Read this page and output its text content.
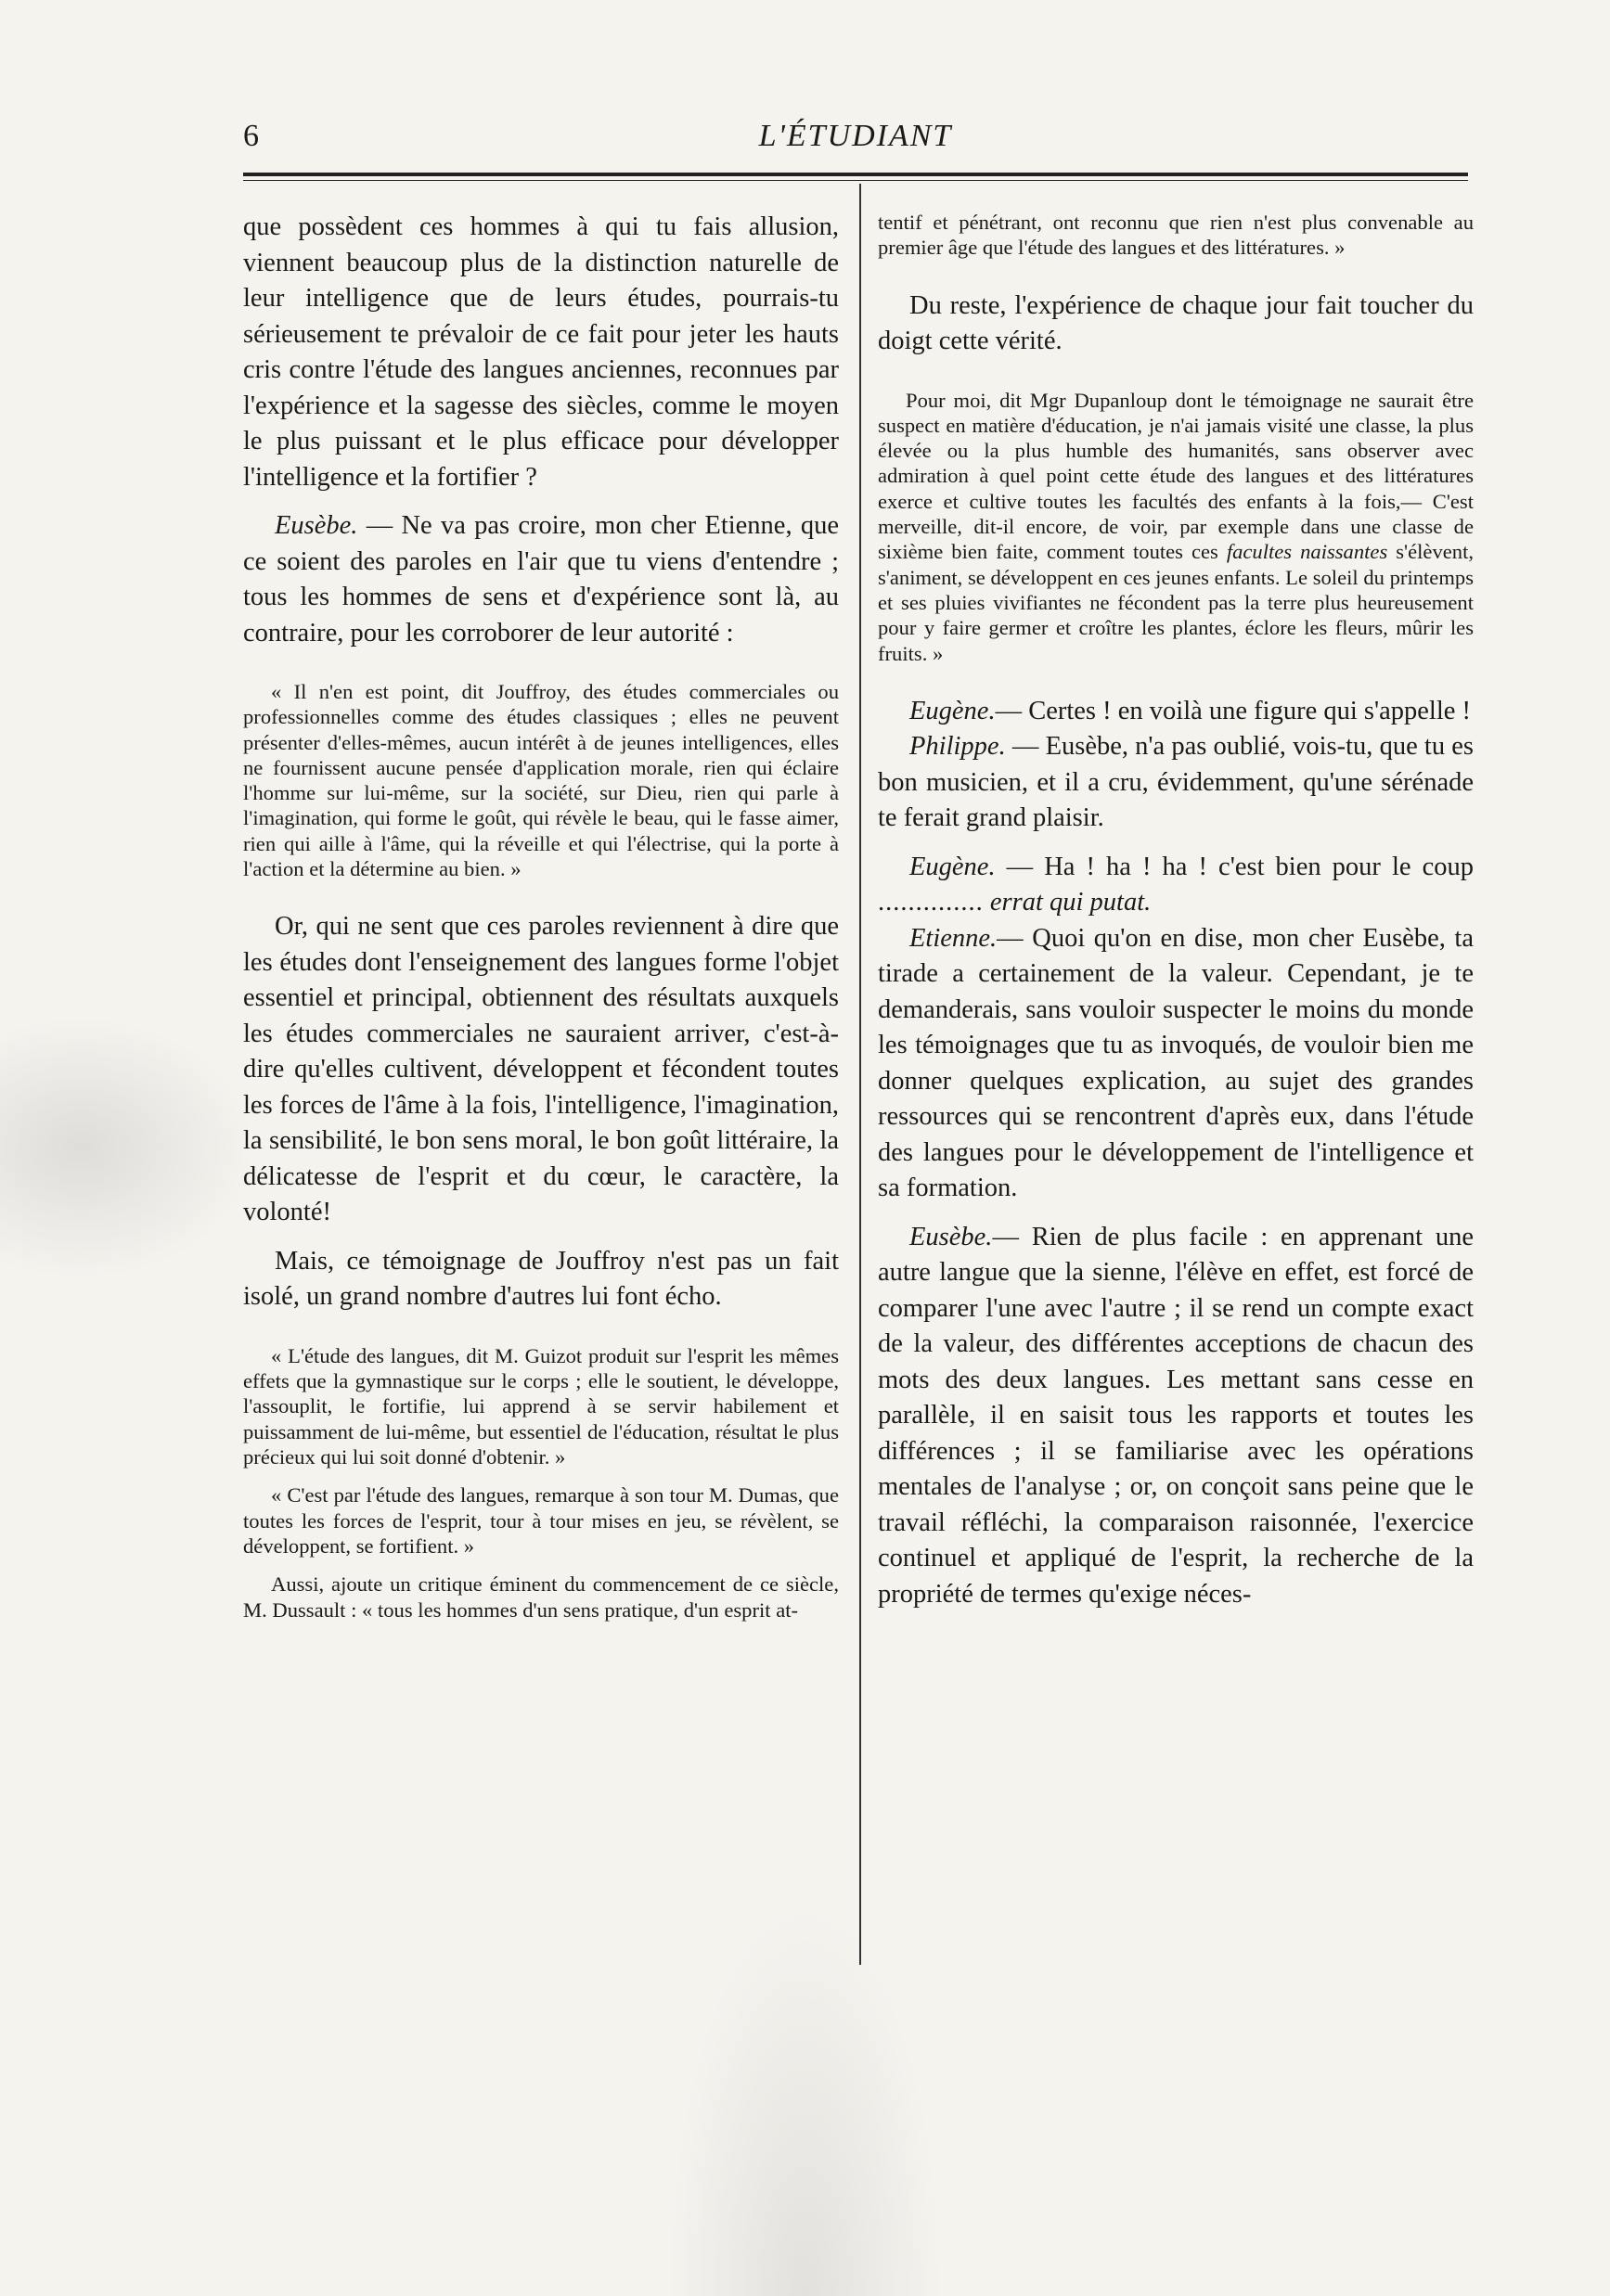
6	L'ÉTUDIANT

que possèdent ces hommes à qui tu fais allusion, viennent beaucoup plus de la distinction naturelle de leur intelligence que de leurs études, pourrais-tu sérieusement te prévaloir de ce fait pour jeter les hauts cris contre l'étude des langues anciennes, reconnues par l'expérience et la sagesse des siècles, comme le moyen le plus puissant et le plus efficace pour développer l'intelligence et la fortifier ?

Eusèbe. — Ne va pas croire, mon cher Etienne, que ce soient des paroles en l'air que tu viens d'entendre ; tous les hommes de sens et d'expérience sont là, au contraire, pour les corroborer de leur autorité :

« Il n'en est point, dit Jouffroy, des études commerciales ou professionnelles comme des études classiques ; elles ne peuvent présenter d'elles-mêmes, aucun intérêt à de jeunes intelligences, elles ne fournissent aucune pensée d'application morale, rien qui éclaire l'homme sur lui-même, sur la société, sur Dieu, rien qui parle à l'imagination, qui forme le goût, qui révèle le beau, qui le fasse aimer, rien qui aille à l'âme, qui la réveille et qui l'électrise, qui la porte à l'action et la détermine au bien. »

Or, qui ne sent que ces paroles reviennent à dire que les études dont l'enseignement des langues forme l'objet essentiel et principal, obtiennent des résultats auxquels les études commerciales ne sauraient arriver, c'est-à-dire qu'elles cultivent, développent et fécondent toutes les forces de l'âme à la fois, l'intelligence, l'imagination, la sensibilité, le bon sens moral, le bon goût littéraire, la délicatesse de l'esprit et du cœur, le caractère, la volonté!

Mais, ce témoignage de Jouffroy n'est pas un fait isolé, un grand nombre d'autres lui font écho.

« L'étude des langues, dit M. Guizot produit sur l'esprit les mêmes effets que la gymnastique sur le corps ; elle le soutient, le développe, l'assouplit, le fortifie, lui apprend à se servir habilement et puissamment de lui-même, but essentiel de l'éducation, résultat le plus précieux qui lui soit donné d'obtenir. »

« C'est par l'étude des langues, remarque à son tour M. Dumas, que toutes les forces de l'esprit, tour à tour mises en jeu, se révèlent, se développent, se fortifient. »

Aussi, ajoute un critique éminent du commencement de ce siècle, M. Dussault : « tous les hommes d'un sens pratique, d'un esprit at-

tentif et pénétrant, ont reconnu que rien n'est plus convenable au premier âge que l'étude des langues et des littératures. »

Du reste, l'expérience de chaque jour fait toucher du doigt cette vérité.

Pour moi, dit Mgr Dupanloup dont le témoignage ne saurait être suspect en matière d'éducation, je n'ai jamais visité une classe, la plus élevée ou la plus humble des humanités, sans observer avec admiration à quel point cette étude des langues et des littératures exerce et cultive toutes les facultés des enfants à la fois,— C'est merveille, dit-il encore, de voir, par exemple dans une classe de sixième bien faite, comment toutes ces facultes naissantes s'élèvent, s'animent, se développent en ces jeunes enfants. Le soleil du printemps et ses pluies vivifiantes ne fécondent pas la terre plus heureusement pour y faire germer et croître les plantes, éclore les fleurs, mûrir les fruits. »

Eugène.— Certes ! en voilà une figure qui s'appelle !

Philippe. — Eusèbe, n'a pas oublié, vois-tu, que tu es bon musicien, et il a cru, évidemment, qu'une sérénade te ferait grand plaisir.

Eugène. — Ha ! ha ! ha ! c'est bien pour le coup .............. errat qui putat.

Etienne.— Quoi qu'on en dise, mon cher Eusèbe, ta tirade a certainement de la valeur. Cependant, je te demanderais, sans vouloir suspecter le moins du monde les témoignages que tu as invoqués, de vouloir bien me donner quelques explication, au sujet des grandes ressources qui se rencontrent d'après eux, dans l'étude des langues pour le développement de l'intelligence et sa formation.

Eusèbe.— Rien de plus facile : en apprenant une autre langue que la sienne, l'élève en effet, est forcé de comparer l'une avec l'autre ; il se rend un compte exact de la valeur, des différentes acceptions de chacun des mots des deux langues. Les mettant sans cesse en parallèle, il en saisit tous les rapports et toutes les différences ; il se familiarise avec les opérations mentales de l'analyse ; or, on conçoit sans peine que le travail réfléchi, la comparaison raisonnée, l'exercice continuel et appliqué de l'esprit, la recherche de la propriété de termes qu'exige néces-
